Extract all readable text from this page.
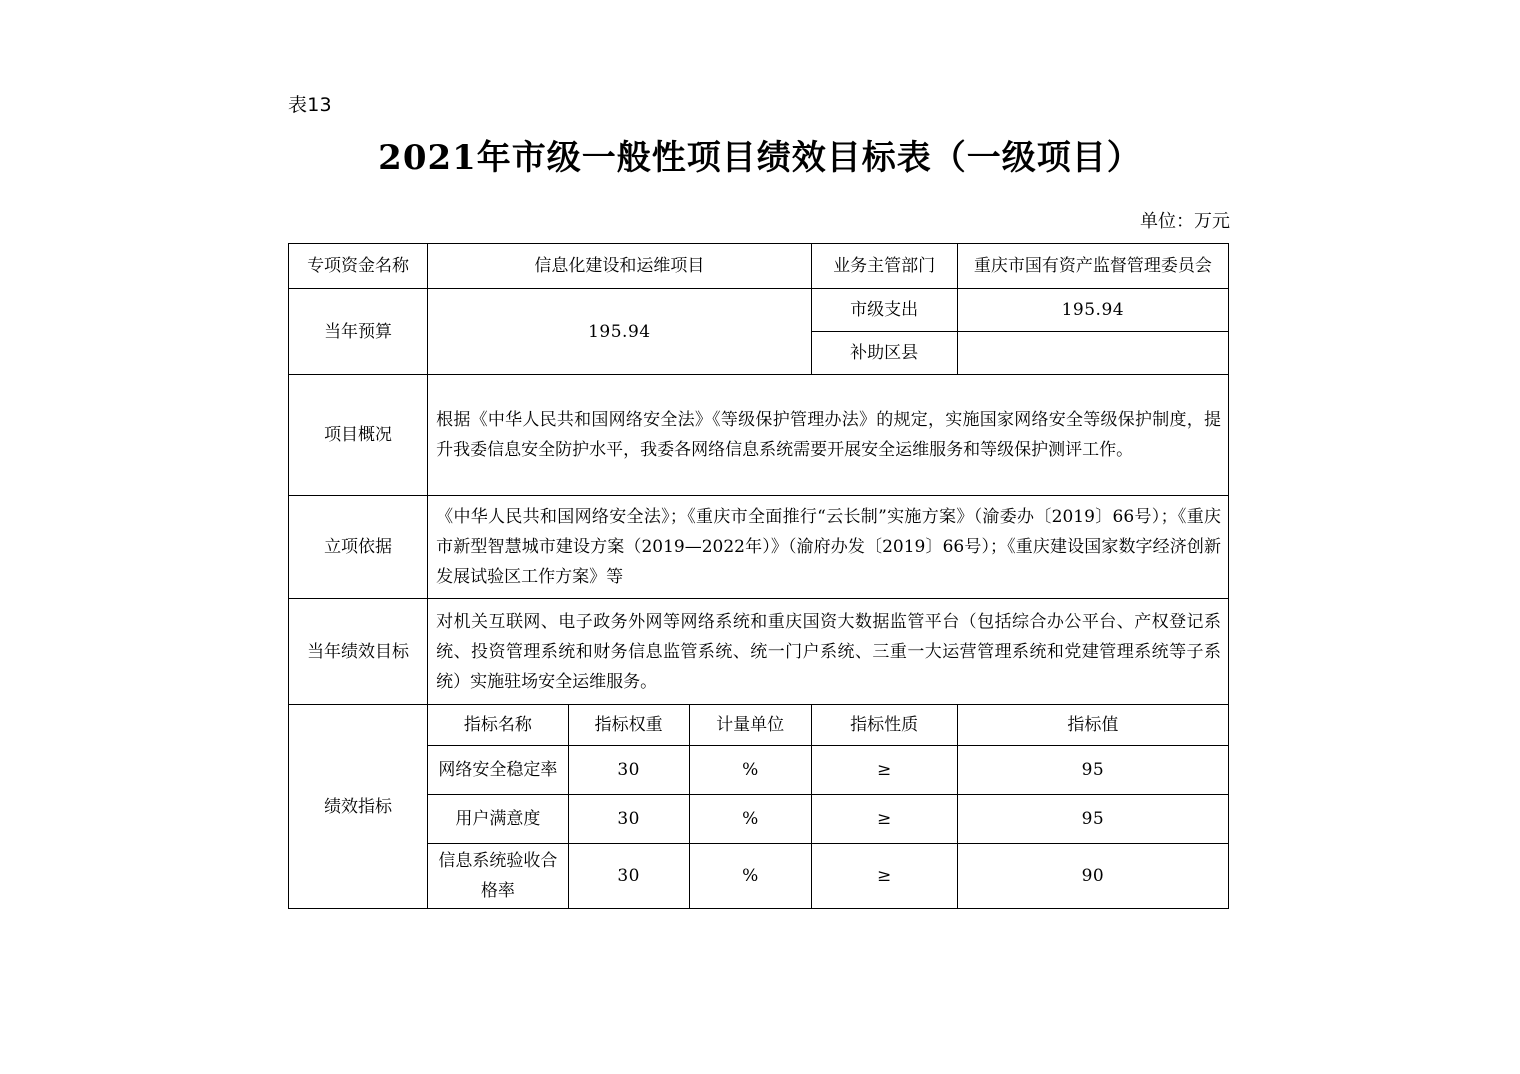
表13
2021年市级一般性项目绩效目标表（一级项目）
单位：万元
专项资金名称	信息化建设和运维项目	业务主管部门	重庆市国有资产监督管理委员会
当年预算	195.94	市级支出	195.94
补助区县	
项目概况	根据《中华人民共和国网络安全法》《等级保护管理办法》的规定，实施国家网络安全等级保护制度，提升我委信息安全防护水平，我委各网络信息系统需要开展安全运维服务和等级保护测评工作。
立项依据	《中华人民共和国网络安全法》；《重庆市全面推行“云长制”实施方案》（渝委办〔2019〕66号）；《重庆市新型智慧城市建设方案（2019—2022年）》（渝府办发〔2019〕66号）；《重庆建设国家数字经济创新发展试验区工作方案》等
当年绩效目标	对机关互联网、电子政务外网等网络系统和重庆国资大数据监管平台（包括综合办公平台、产权登记系统、投资管理系统和财务信息监管系统、统一门户系统、三重一大运营管理系统和党建管理系统等子系统）实施驻场安全运维服务。
绩效指标	
指标名称	指标权重	计量单位	指标性质	指标值
网络安全稳定率	30	%	≥	95
用户满意度	30	%	≥	95
信息系统验收合格率	30	%	≥	90
